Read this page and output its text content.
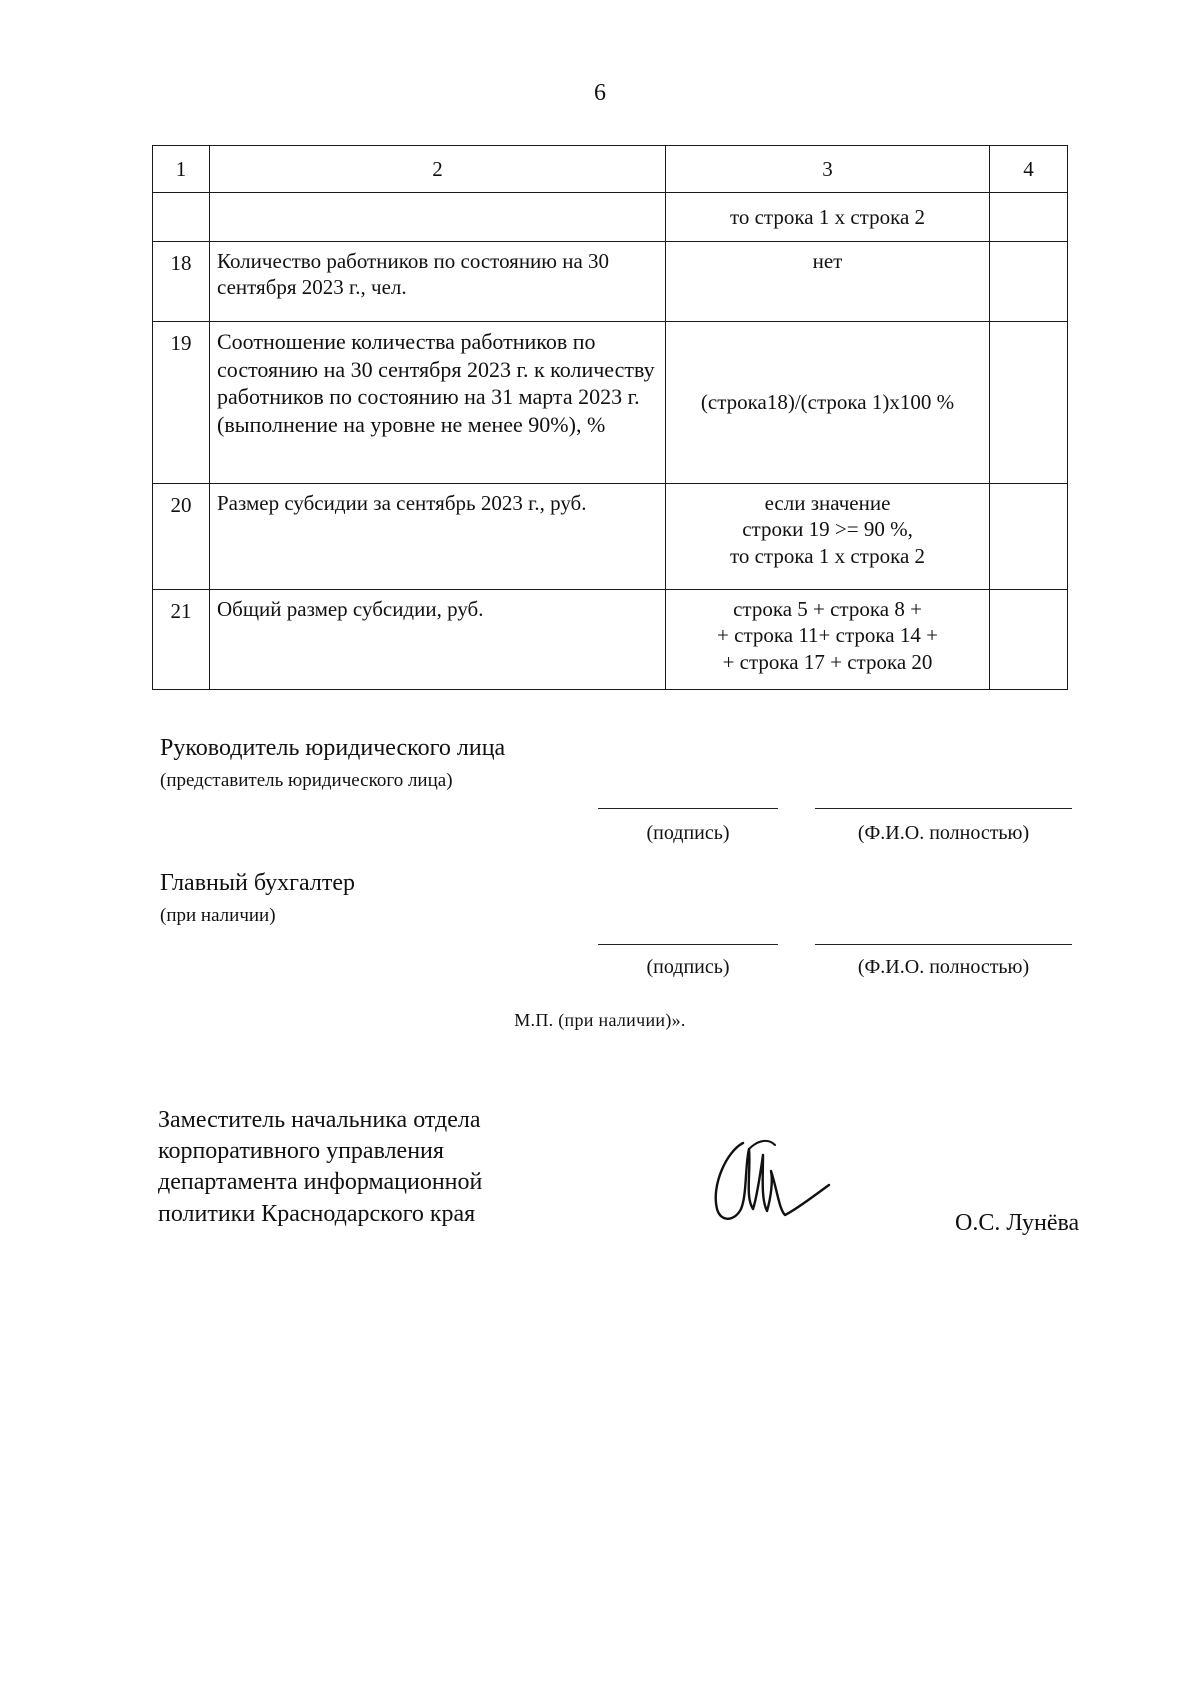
6
1	2	3	4
		то строка 1 х строка 2	
18	Количество работников по состоянию на 30 сентября 2023 г., чел.	нет	
19	Соотношение количества работников по состоянию на 30 сентября 2023 г. к количеству работников по состоянию на 31 марта 2023 г. (выполнение на уровне не менее 90%), %	(строка18)/(строка 1)х100 %	
20	Размер субсидии за сентябрь 2023 г., руб.	если значение
строки 19 >= 90 %,
то строка 1 х строка 2	
21	Общий размер субсидии, руб.	строка 5 + строка 8 +
+ строка 11+ строка 14 +
+ строка 17 + строка 20	
Руководитель юридического лица
(представитель юридического лица)
(подпись)	(Ф.И.О. полностью)
Главный бухгалтер
(при наличии)
(подпись)	(Ф.И.О. полностью)
М.П. (при наличии)».
Заместитель начальника отдела
корпоративного управления
департамента информационной
политики Краснодарского края	О.С. Лунёва
